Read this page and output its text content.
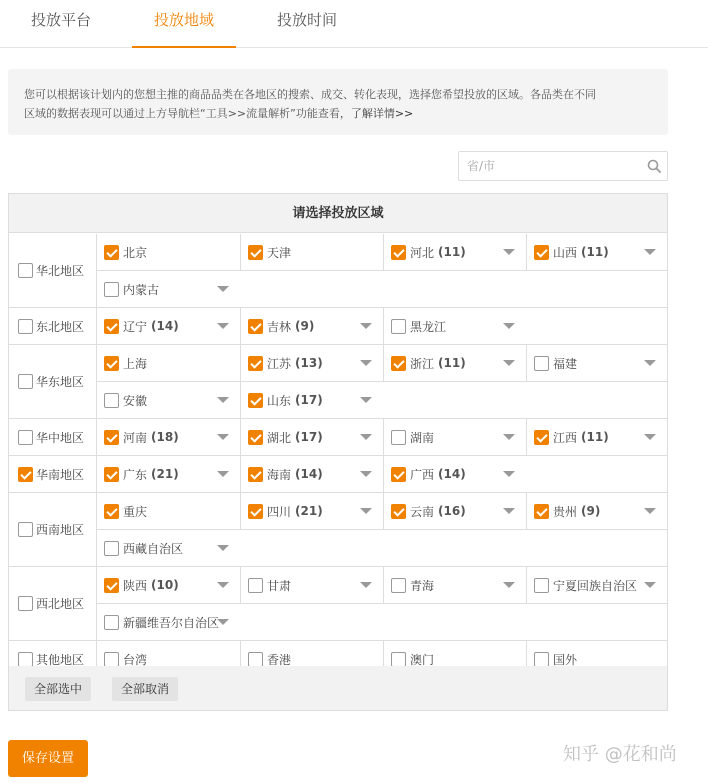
投放平台	投放地域	投放时间
您可以根据该计划内的您想主推的商品品类在各地区的搜索、成交、转化表现，选择您希望投放的区域。各品类在不同
区域的数据表现可以通过上方导航栏“工具>>流量解析”功能查看，了解详情>>
省/市
请选择投放区域
华北地区
北京	天津	河北 (11)	山西 (11)
内蒙古
东北地区	辽宁 (14)	吉林 (9)	黑龙江
华东地区
上海	江苏 (13)	浙江 (11)	福建
安徽	山东 (17)
华中地区	河南 (18)	湖北 (17)	湖南	江西 (11)
华南地区	广东 (21)	海南 (14)	广西 (14)
西南地区
重庆	四川 (21)	云南 (16)	贵州 (9)
西藏自治区
西北地区
陕西 (10)	甘肃	青海	宁夏回族自治区
新疆维吾尔自治区
其他地区	台湾	香港	澳门	国外
全部选中	全部取消
保存设置	知乎 @花和尚
